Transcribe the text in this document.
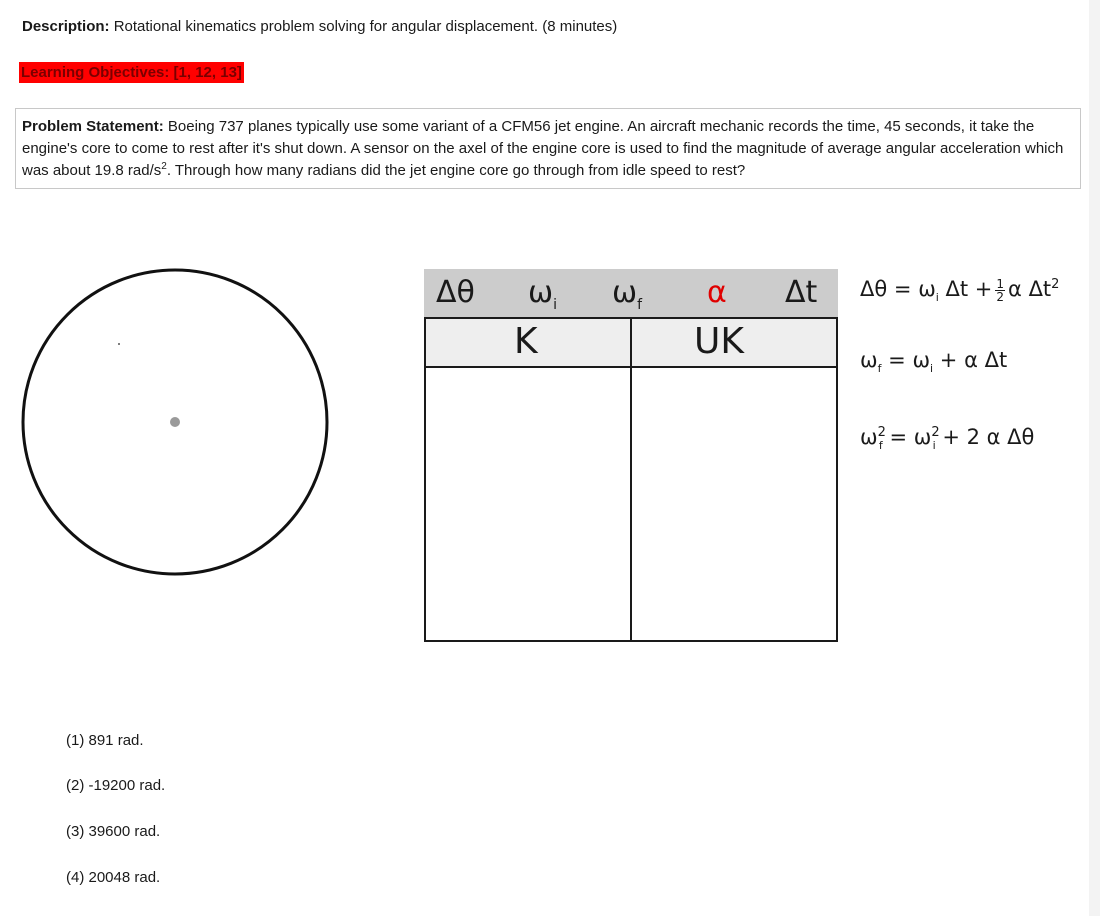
Description: Rotational kinematics problem solving for angular displacement. (8 minutes)
Learning Objectives: [1, 12, 13]
Problem Statement: Boeing 737 planes typically use some variant of a CFM56 jet engine. An aircraft mechanic records the time, 45 seconds, it take the engine's core to come to rest after it's shut down. A sensor on the axel of the engine core is used to find the magnitude of average angular acceleration which was about 19.8 rad/$s^2$. Through how many radians did the jet engine core go through from idle speed to rest?
Δθ $\omega_i$ $\omega_f$ α Δt
K	UK
$\Delta\theta = \omega_i$ $\Delta t + \frac{1}{2}$ α $\Delta t^2$
$\omega_f = \omega_i + \alpha$ Δt
$\omega^2_f = \omega^2_i + 2$ α Δθ
(1) 891 rad.
(2) -19200 rad.
(3) 39600 rad.
(4) 20048 rad.
